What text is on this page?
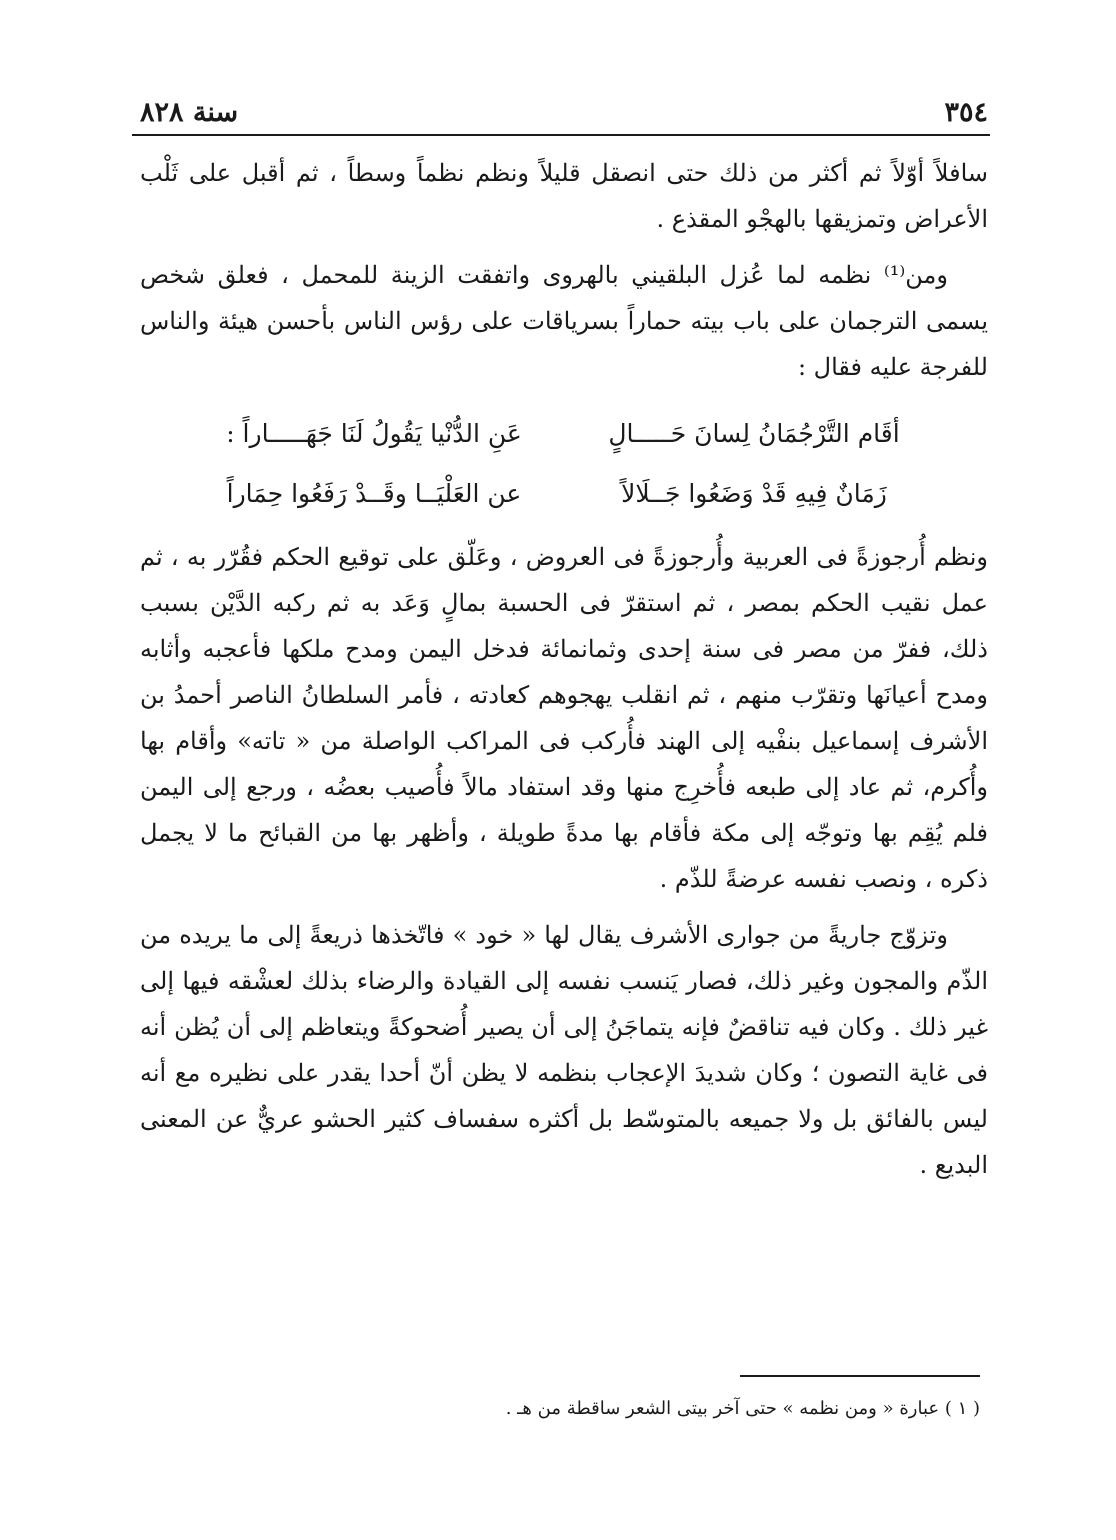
٣٥٤
سنة ٨٢٨

سافلاً أوّلاً ثم أكثر من ذلك حتى انصقل قليلاً ونظم نظماً وسطاً ، ثم أقبل على ثَلْب الأعراض وتمزيقها بالهجْو المقذع .

ومن⁽¹⁾ نظمه لما عُزل البلقيني بالهروى واتفقت الزينة للمحمل ، فعلق شخص يسمى الترجمان على باب بيته حماراً بسرياقات على رؤس الناس بأحسن هيئة والناس للفرجة عليه فقال :

أقَام التَّرْجُمَانُ لِسانَ حَـــــالٍ
عَنِ الدُّنْيا يَقُولُ لَنَا جَهَـــــاراً :
زَمَانٌ فِيهِ قَدْ وَضَعُوا جَــلَالاً
عن العَلْيَــا وقَــدْ رَفَعُوا حِمَاراً

ونظم أُرجوزةً فى العربية وأُرجوزةً فى العروض ، وعَلّق على توقيع الحكم فقُرّر به ، ثم عمل نقيب الحكم بمصر ، ثم استقرّ فى الحسبة بمالٍ وَعَد به ثم ركبه الدَّيْن بسبب ذلك، ففرّ من مصر فى سنة إحدى وثمانمائة فدخل اليمن ومدح ملكها فأعجبه وأثابه ومدح أعيانَها وتقرّب منهم ، ثم انقلب يهجوهم كعادته ، فأمر السلطانُ الناصر أحمدُ بن الأشرف إسماعيل بنفْيه إلى الهند فأُركب فى المراكب الواصلة من « تاته» وأقام بها وأُكرم، ثم عاد إلى طبعه فأُخرِج منها وقد استفاد مالاً فأُصيب بعضُه ، ورجع إلى اليمن فلم يُقِم بها وتوجّه إلى مكة فأقام بها مدةً طويلة ، وأظهر بها من القبائح ما لا يجمل ذكره ، ونصب نفسه عرضةً للذّم .

وتزوّج جاريةً من جوارى الأشرف يقال لها « خود » فاتّخذها ذريعةً إلى ما يريده من الذّم والمجون وغير ذلك، فصار يَنسب نفسه إلى القيادة والرضاء بذلك لعشْقه فيها إلى غير ذلك . وكان فيه تناقضٌ فإنه يتماجَنُ إلى أن يصير أُضحوكةً ويتعاظم إلى أن يُظن أنه فى غاية التصون ؛ وكان شديدَ الإعجاب بنظمه لا يظن أنّ أحدا يقدر على نظيره مع أنه ليس بالفائق بل ولا جميعه بالمتوسّط بل أكثره سفساف كثير الحشو عريٌّ عن المعنى البديع .

( ١ ) عبارة « ومن نظمه » حتى آخر بيتى الشعر ساقطة من هـ .
